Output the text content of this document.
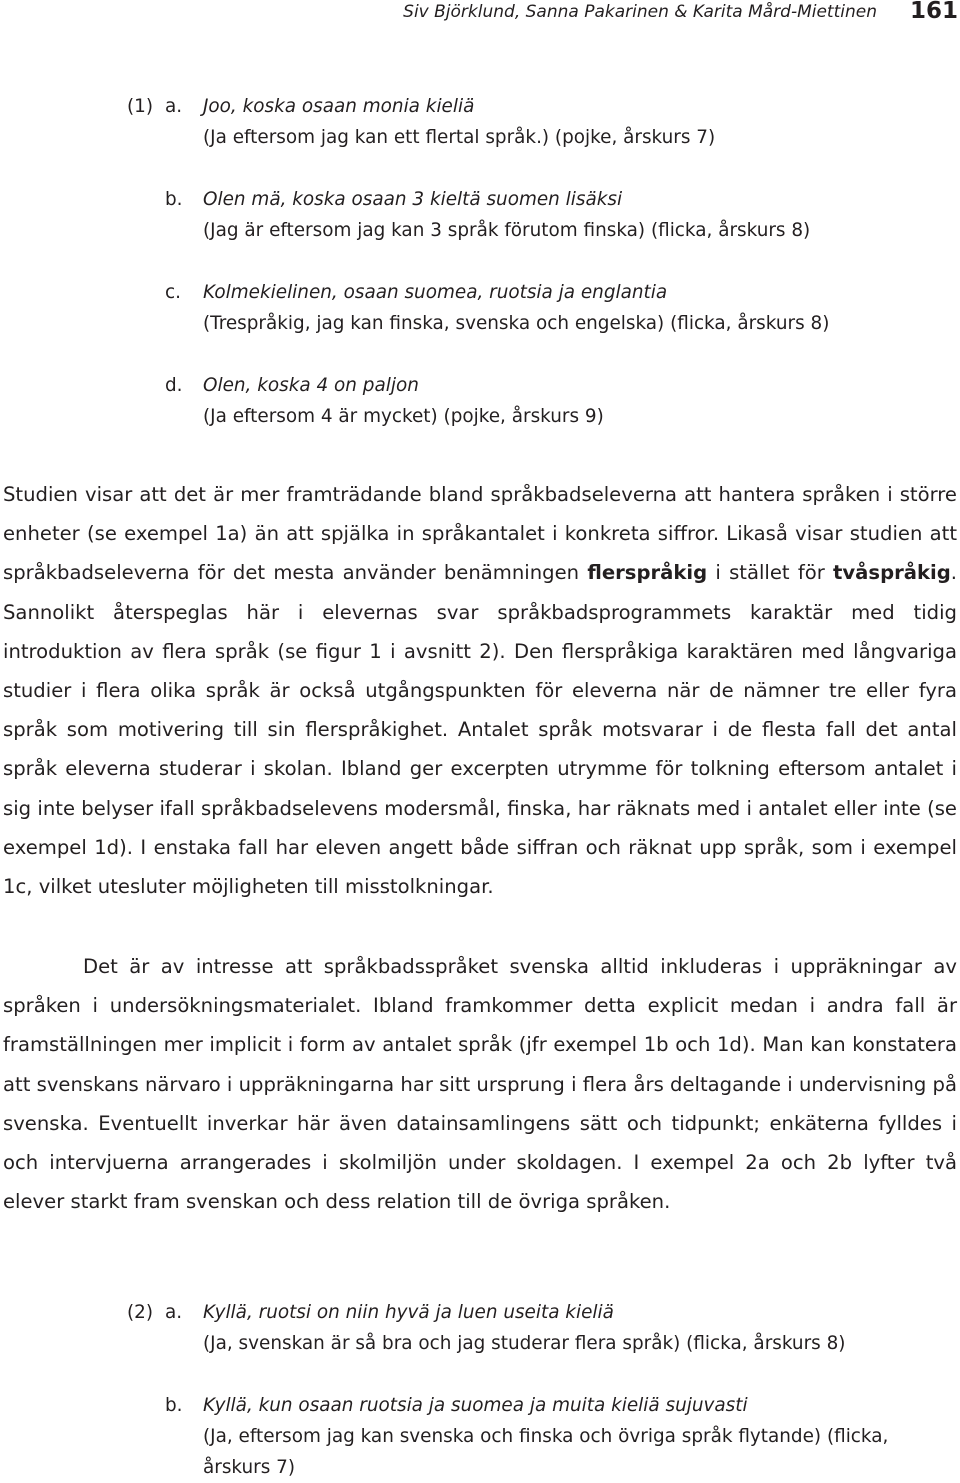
Siv Björklund, Sanna Pakarinen & Karita Mård-Miettinen 161
(1) a. Joo, koska osaan monia kieliä
(Ja eftersom jag kan ett flertal språk.) (pojke, årskurs 7)
b. Olen mä, koska osaan 3 kieltä suomen lisäksi
(Jag är eftersom jag kan 3 språk förutom finska) (flicka, årskurs 8)
c. Kolmekielinen, osaan suomea, ruotsia ja englantia
(Trespråkig, jag kan finska, svenska och engelska) (flicka, årskurs 8)
d. Olen, koska 4 on paljon
(Ja eftersom 4 är mycket) (pojke, årskurs 9)

Studien visar att det är mer framträdande bland språkbadseleverna att hantera språken i större enheter (se exempel 1a) än att spjälka in språkantalet i konkreta siffror. Likaså visar studien att språkbadseleverna för det mesta använder benämningen flerspråkig i stället för tvåspråkig. Sannolikt återspeglas här i elevernas svar språkbadsprogrammets karaktär med tidig introduktion av flera språk (se figur 1 i avsnitt 2). Den flerspråkiga karaktären med långvariga studier i flera olika språk är också utgångspunkten för eleverna när de nämner tre eller fyra språk som motivering till sin flerspråkighet. Antalet språk motsvarar i de flesta fall det antal språk eleverna studerar i skolan. Ibland ger excerpten utrymme för tolkning eftersom antalet i sig inte belyser ifall språkbadselevens modersmål, finska, har räknats med i antalet eller inte (se exempel 1d). I enstaka fall har eleven angett både siffran och räknat upp språk, som i exempel 1c, vilket utesluter möjligheten till misstolkningar.

Det är av intresse att språkbadsspråket svenska alltid inkluderas i uppräkningar av språken i undersökningsmaterialet. Ibland framkommer detta explicit medan i andra fall är framställningen mer implicit i form av antalet språk (jfr exempel 1b och 1d). Man kan konstatera att svenskans närvaro i uppräkningarna har sitt ursprung i flera års deltagande i undervisning på svenska. Eventuellt inverkar här även datainsamlingens sätt och tidpunkt; enkäterna fylldes i och intervjuerna arrangerades i skolmiljön under skoldagen. I exempel 2a och 2b lyfter två elever starkt fram svenskan och dess relation till de övriga språken.

(2) a. Kyllä, ruotsi on niin hyvä ja luen useita kieliä
(Ja, svenskan är så bra och jag studerar flera språk) (flicka, årskurs 8)
b. Kyllä, kun osaan ruotsia ja suomea ja muita kieliä sujuvasti
(Ja, eftersom jag kan svenska och finska och övriga språk flytande) (flicka, årskurs 7)
